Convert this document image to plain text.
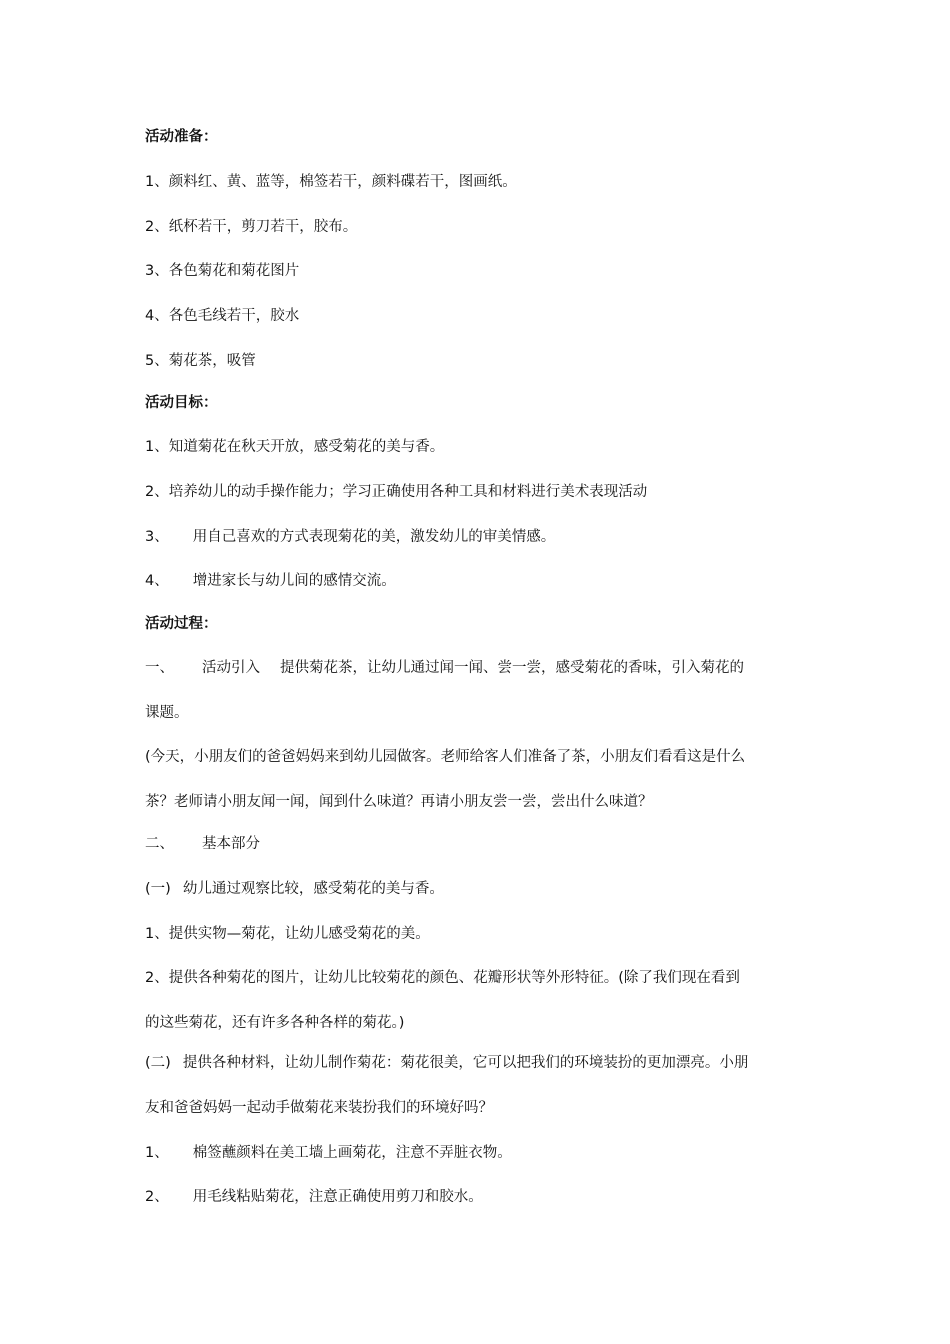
活动准备：
1、颜料红、黄、蓝等，棉签若干，颜料碟若干，图画纸。
2、纸杯若干，剪刀若干，胶布。
3、各色菊花和菊花图片
4、各色毛线若干，胶水
5、菊花茶，吸管
活动目标：
1、知道菊花在秋天开放，感受菊花的美与香。
2、培养幼儿的动手操作能力；学习正确使用各种工具和材料进行美术表现活动
3、 用自己喜欢的方式表现菊花的美，激发幼儿的审美情感。
4、 增进家长与幼儿间的感情交流。
活动过程：
一、 活动引入 提供菊花茶，让幼儿通过闻一闻、尝一尝，感受菊花的香味，引入菊花的
课题。
(今天，小朋友们的爸爸妈妈来到幼儿园做客。老师给客人们准备了茶，小朋友们看看这是什么
茶？老师请小朋友闻一闻，闻到什么味道？再请小朋友尝一尝，尝出什么味道？
二、 基本部分
(一) 幼儿通过观察比较，感受菊花的美与香。
1、提供实物—菊花，让幼儿感受菊花的美。
2、提供各种菊花的图片，让幼儿比较菊花的颜色、花瓣形状等外形特征。(除了我们现在看到
的这些菊花，还有许多各种各样的菊花。)
(二) 提供各种材料，让幼儿制作菊花：菊花很美，它可以把我们的环境装扮的更加漂亮。小朋
友和爸爸妈妈一起动手做菊花来装扮我们的环境好吗？
1、 棉签蘸颜料在美工墙上画菊花，注意不弄脏衣物。
2、 用毛线粘贴菊花，注意正确使用剪刀和胶水。
